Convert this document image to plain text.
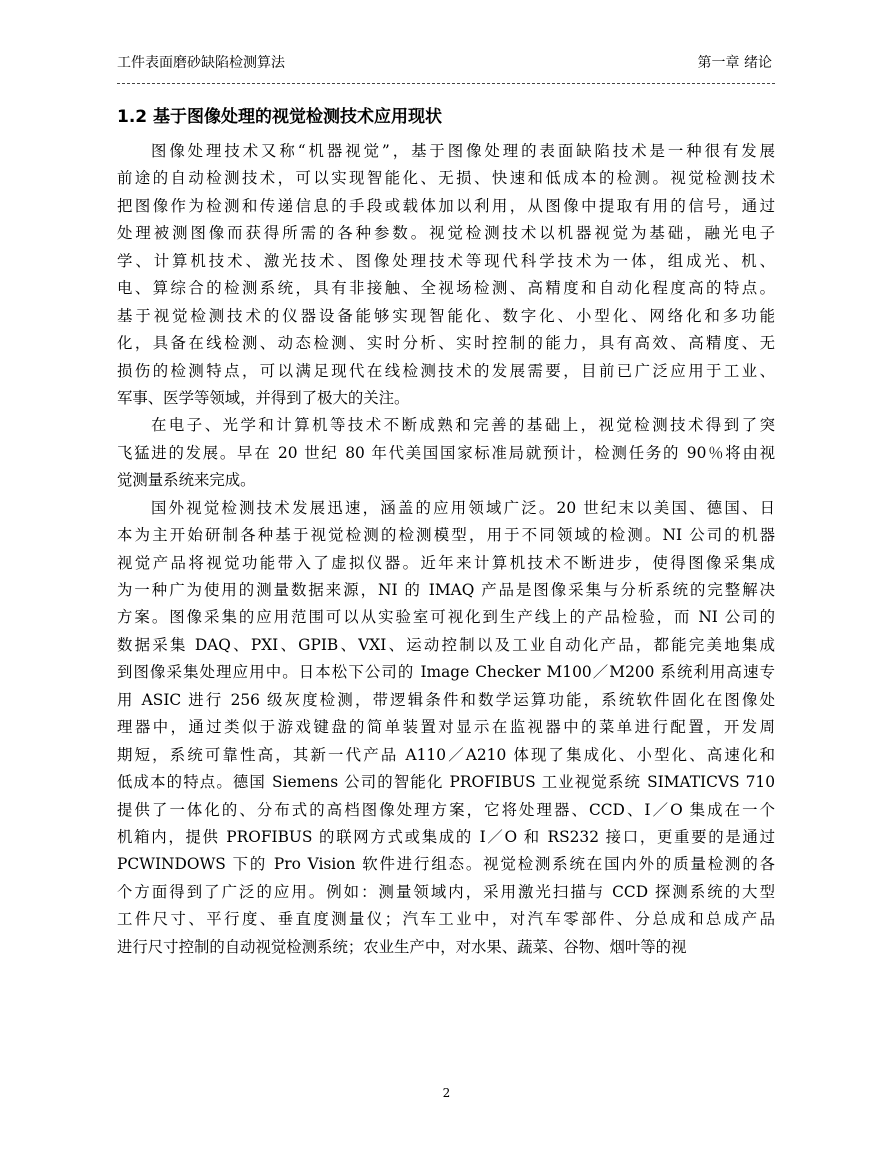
工件表面磨砂缺陷检测算法	第一章 绪论
1.2 基于图像处理的视觉检测技术应用现状
图像处理技术又称“机器视觉”，基于图像处理的表面缺陷技术是一种很有发展
前途的自动检测技术，可以实现智能化、无损、快速和低成本的检测。视觉检测技术
把图像作为检测和传递信息的手段或载体加以利用，从图像中提取有用的信号，通过
处理被测图像而获得所需的各种参数。视觉检测技术以机器视觉为基础，融光电子
学、计算机技术、激光技术、图像处理技术等现代科学技术为一体，组成光、机、
电、算综合的检测系统，具有非接触、全视场检测、高精度和自动化程度高的特点。
基于视觉检测技术的仪器设备能够实现智能化、数字化、小型化、网络化和多功能
化，具备在线检测、动态检测、实时分析、实时控制的能力，具有高效、高精度、无
损伤的检测特点，可以满足现代在线检测技术的发展需要，目前已广泛应用于工业、
军事、医学等领域，并得到了极大的关注。
在电子、光学和计算机等技术不断成熟和完善的基础上，视觉检测技术得到了突
飞猛进的发展。早在 20 世纪 80 年代美国国家标准局就预计，检测任务的 90％将由视
觉测量系统来完成。
国外视觉检测技术发展迅速，涵盖的应用领域广泛。20 世纪末以美国、德国、日
本为主开始研制各种基于视觉检测的检测模型，用于不同领域的检测。NI 公司的机器
视觉产品将视觉功能带入了虚拟仪器。近年来计算机技术不断进步，使得图像采集成
为一种广为使用的测量数据来源，NI 的 IMAQ 产品是图像采集与分析系统的完整解决
方案。图像采集的应用范围可以从实验室可视化到生产线上的产品检验，而 NI 公司的
数据采集 DAQ、PXI、GPIB、VXI、运动控制以及工业自动化产品，都能完美地集成
到图像采集处理应用中。日本松下公司的 Image Checker M100／M200 系统利用高速专
用 ASIC 进行 256 级灰度检测，带逻辑条件和数学运算功能，系统软件固化在图像处
理器中，通过类似于游戏键盘的简单装置对显示在监视器中的菜单进行配置，开发周
期短，系统可靠性高，其新一代产品 A110／A210 体现了集成化、小型化、高速化和
低成本的特点。德国 Siemens 公司的智能化 PROFIBUS 工业视觉系统 SIMATICVS 710
提供了一体化的、分布式的高档图像处理方案，它将处理器、CCD、I／O 集成在一个
机箱内，提供 PROFIBUS 的联网方式或集成的 I／O 和 RS232 接口，更重要的是通过
PCWINDOWS 下的 Pro Vision 软件进行组态。视觉检测系统在国内外的质量检测的各
个方面得到了广泛的应用。例如：测量领域内，采用激光扫描与 CCD 探测系统的大型
工件尺寸、平行度、垂直度测量仪；汽车工业中，对汽车零部件、分总成和总成产品
进行尺寸控制的自动视觉检测系统；农业生产中，对水果、蔬菜、谷物、烟叶等的视
2
